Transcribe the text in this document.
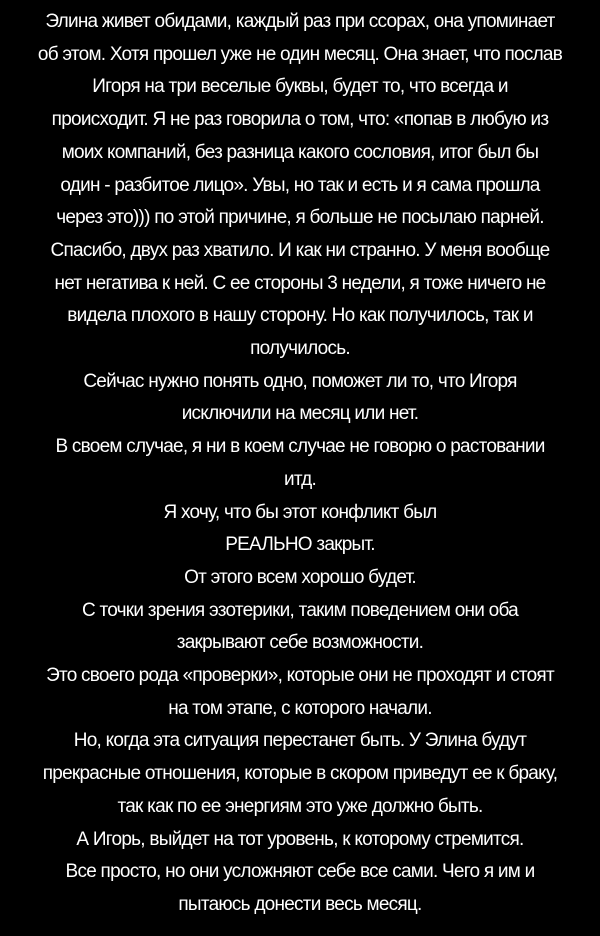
Элина живет обидами, каждый раз при ссорах, она упоминает
об этом. Хотя прошел уже не один месяц. Она знает, что послав
Игоря на три веселые буквы, будет то, что всегда и
происходит. Я не раз говорила о том, что: «попав в любую из
моих компаний, без разница какого сословия, итог был бы
один - разбитое лицо». Увы, но так и есть и я сама прошла
через это))) по этой причине, я больше не посылаю парней.
Спасибо, двух раз хватило. И как ни странно. У меня вообще
нет негатива к ней. С ее стороны 3 недели, я тоже ничего не
видела плохого в нашу сторону. Но как получилось, так и
получилось.
Сейчас нужно понять одно, поможет ли то, что Игоря
исключили на месяц или нет.
В своем случае, я ни в коем случае не говорю о растовании
итд.
Я хочу, что бы этот конфликт был
РЕАЛЬНО закрыт.
От этого всем хорошо будет.
С точки зрения эзотерики, таким поведением они оба
закрывают себе возможности.
Это своего рода «проверки», которые они не проходят и стоят
на том этапе, с которого начали.
Но, когда эта ситуация перестанет быть. У Элина будут
прекрасные отношения, которые в скором приведут ее к браку,
так как по ее энергиям это уже должно быть.
А Игорь, выйдет на тот уровень, к которому стремится.
Все просто, но они усложняют себе все сами. Чего я им и
пытаюсь донести весь месяц.
